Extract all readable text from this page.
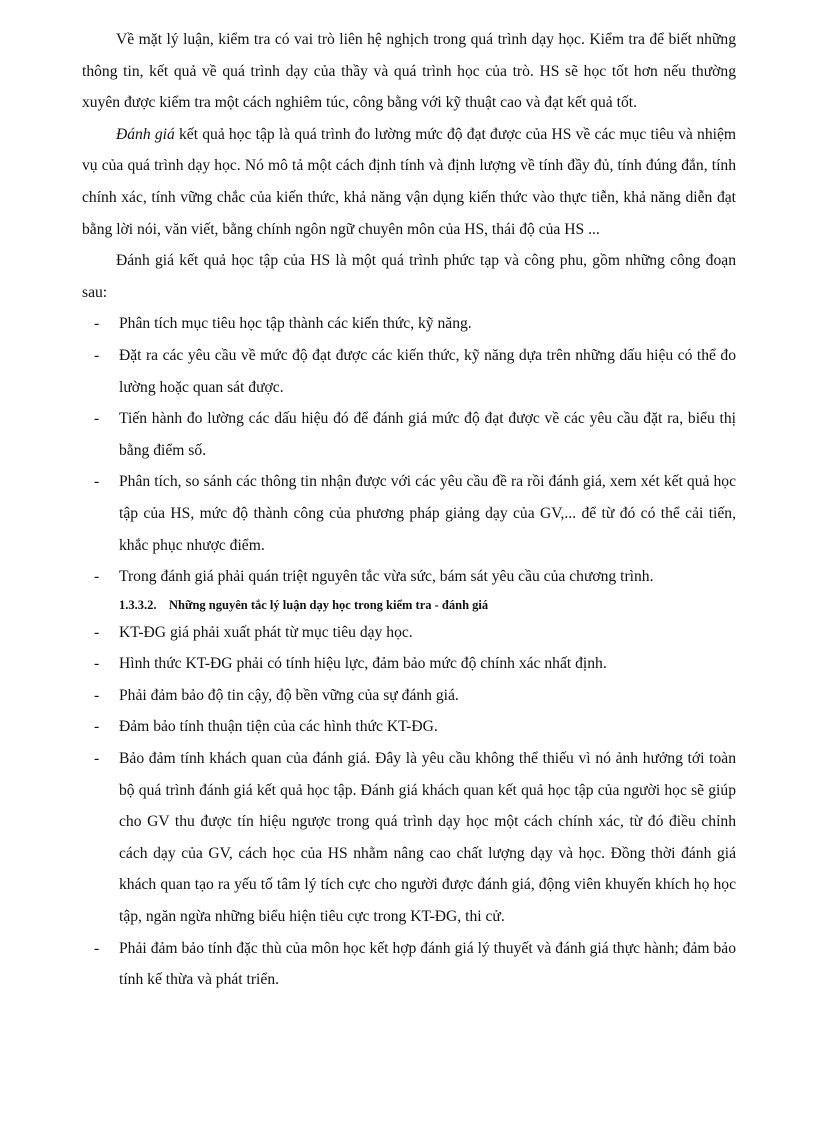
Về mặt lý luận, kiểm tra có vai trò liên hệ nghịch trong quá trình dạy học. Kiểm tra để biết những thông tin, kết quả về quá trình dạy của thầy và quá trình học của trò. HS sẽ học tốt hơn nếu thường xuyên được kiểm tra một cách nghiêm túc, công bằng với kỹ thuật cao và đạt kết quả tốt.

Đánh giá kết quả học tập là quá trình đo lường mức độ đạt được của HS về các mục tiêu và nhiệm vụ của quá trình dạy học. Nó mô tả một cách định tính và định lượng về tính đầy đủ, tính đúng đắn, tính chính xác, tính vững chắc của kiến thức, khả năng vận dụng kiến thức vào thực tiễn, khả năng diễn đạt bằng lời nói, văn viết, bằng chính ngôn ngữ chuyên môn của HS, thái độ của HS ...

Đánh giá kết quả học tập của HS là một quá trình phức tạp và công phu, gồm những công đoạn sau:

- Phân tích mục tiêu học tập thành các kiến thức, kỹ năng.

- Đặt ra các yêu cầu về mức độ đạt được các kiến thức, kỹ năng dựa trên những dấu hiệu có thể đo lường hoặc quan sát được.

- Tiến hành đo lường các dấu hiệu đó để đánh giá mức độ đạt được về các yêu cầu đặt ra, biểu thị bằng điểm số.

- Phân tích, so sánh các thông tin nhận được với các yêu cầu đề ra rồi đánh giá, xem xét kết quả học tập của HS, mức độ thành công của phương pháp giảng dạy của GV,... để từ đó có thể cải tiến, khắc phục nhược điểm.

- Trong đánh giá phải quán triệt nguyên tắc vừa sức, bám sát yêu cầu của chương trình.

1.3.3.2. Những nguyên tắc lý luận dạy học trong kiểm tra - đánh giá
- KT-ĐG giá phải xuất phát từ mục tiêu dạy học.

- Hình thức KT-ĐG phải có tính hiệu lực, đảm bảo mức độ chính xác nhất định.

- Phải đảm bảo độ tin cậy, độ bền vững của sự đánh giá.

- Đảm bảo tính thuận tiện của các hình thức KT-ĐG.

- Bảo đảm tính khách quan của đánh giá. Đây là yêu cầu không thể thiếu vì nó ảnh hưởng tới toàn bộ quá trình đánh giá kết quả học tập. Đánh giá khách quan kết quả học tập của người học sẽ giúp cho GV thu được tín hiệu ngược trong quá trình dạy học một cách chính xác, từ đó điều chỉnh cách dạy của GV, cách học của HS nhằm nâng cao chất lượng dạy và học. Đồng thời đánh giá khách quan tạo ra yếu tố tâm lý tích cực cho người được đánh giá, động viên khuyến khích họ học tập, ngăn ngừa những biểu hiện tiêu cực trong KT-ĐG, thi cử.

- Phải đảm bảo tính đặc thù của môn học kết hợp đánh giá lý thuyết và đánh giá thực hành; đảm bảo tính kế thừa và phát triển.
